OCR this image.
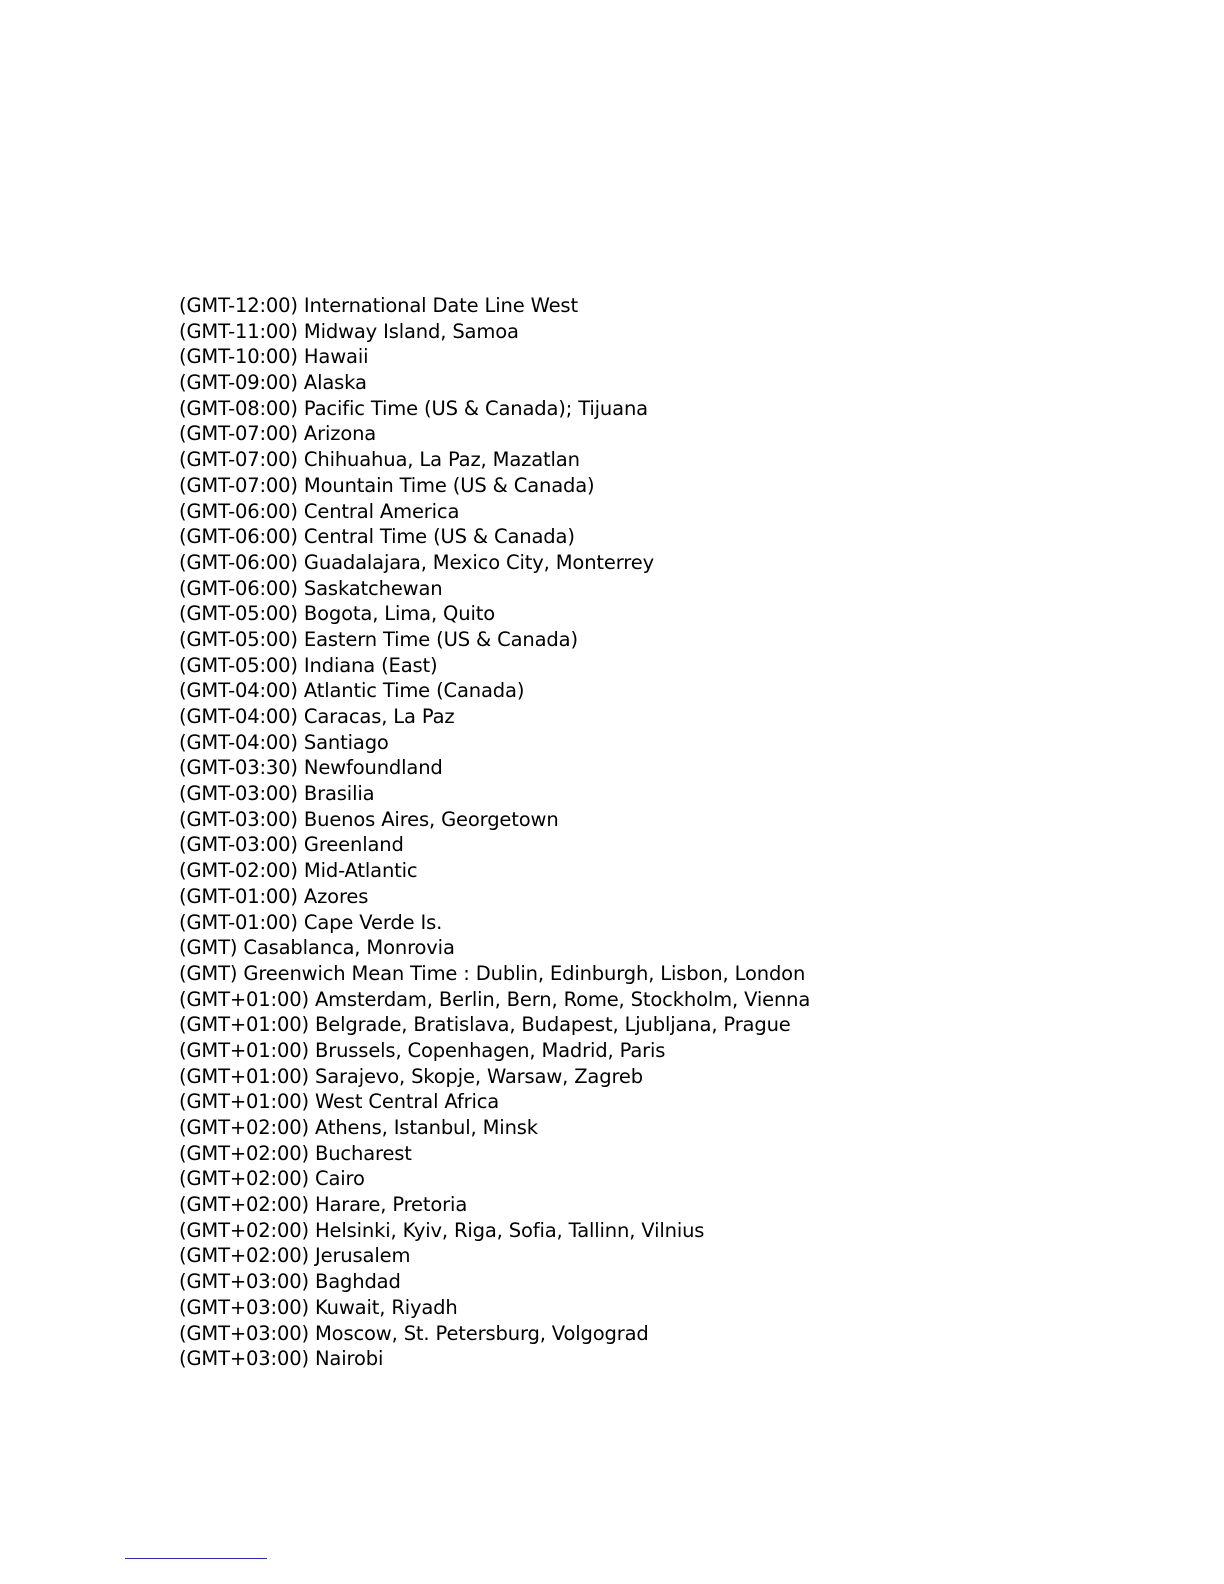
(GMT-12:00) International Date Line West
(GMT-11:00) Midway Island, Samoa
(GMT-10:00) Hawaii
(GMT-09:00) Alaska
(GMT-08:00) Pacific Time (US & Canada); Tijuana
(GMT-07:00) Arizona
(GMT-07:00) Chihuahua, La Paz, Mazatlan
(GMT-07:00) Mountain Time (US & Canada)
(GMT-06:00) Central America
(GMT-06:00) Central Time (US & Canada)
(GMT-06:00) Guadalajara, Mexico City, Monterrey
(GMT-06:00) Saskatchewan
(GMT-05:00) Bogota, Lima, Quito
(GMT-05:00) Eastern Time (US & Canada)
(GMT-05:00) Indiana (East)
(GMT-04:00) Atlantic Time (Canada)
(GMT-04:00) Caracas, La Paz
(GMT-04:00) Santiago
(GMT-03:30) Newfoundland
(GMT-03:00) Brasilia
(GMT-03:00) Buenos Aires, Georgetown
(GMT-03:00) Greenland
(GMT-02:00) Mid-Atlantic
(GMT-01:00) Azores
(GMT-01:00) Cape Verde Is.
(GMT) Casablanca, Monrovia
(GMT) Greenwich Mean Time : Dublin, Edinburgh, Lisbon, London
(GMT+01:00) Amsterdam, Berlin, Bern, Rome, Stockholm, Vienna
(GMT+01:00) Belgrade, Bratislava, Budapest, Ljubljana, Prague
(GMT+01:00) Brussels, Copenhagen, Madrid, Paris
(GMT+01:00) Sarajevo, Skopje, Warsaw, Zagreb
(GMT+01:00) West Central Africa
(GMT+02:00) Athens, Istanbul, Minsk
(GMT+02:00) Bucharest
(GMT+02:00) Cairo
(GMT+02:00) Harare, Pretoria
(GMT+02:00) Helsinki, Kyiv, Riga, Sofia, Tallinn, Vilnius
(GMT+02:00) Jerusalem
(GMT+03:00) Baghdad
(GMT+03:00) Kuwait, Riyadh
(GMT+03:00) Moscow, St. Petersburg, Volgograd
(GMT+03:00) Nairobi
